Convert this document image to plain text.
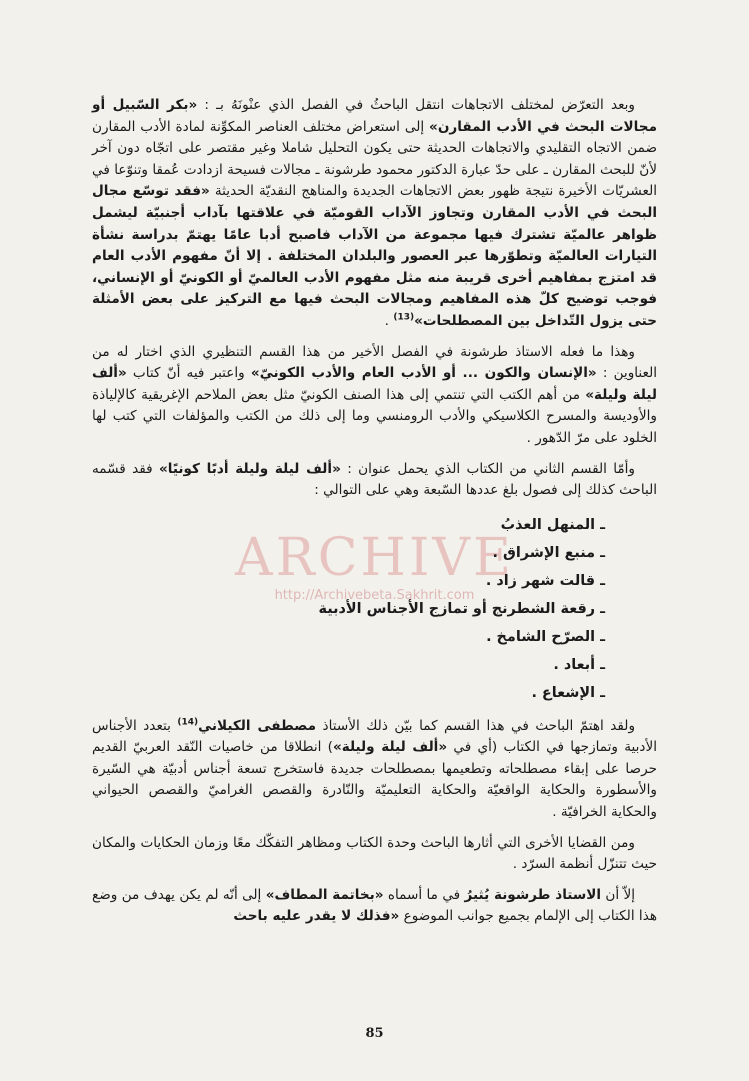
ARCHIVE
http://Archivebeta.Sakhrit.com

وبعد التعرّض لمختلف الاتجاهات انتقل الباحثُ في الفصل الذي عنْونَهُ بـ : «بكر السّبيل أو مجالات البحث في الأدب المقارن» إلى استعراض مختلف العناصر المكوِّنة لمادة الأدب المقارن ضمن الاتجاه التقليدي والاتجاهات الحديثة حتى يكون التحليل شاملا وغير مقتصر على اتجّاه دون آخر لأنّ للبحث المقارن ـ على حدّ عبارة الدكتور محمود طرشونة ـ مجالات فسيحة ازدادت عُمقا وتنوّعا في العشريّات الأخيرة نتيجة ظهور بعض الاتجاهات الجديدة والمناهج النقديّة الحديثة «فقد توسّع مجال البحث في الأدب المقارن وتجاوز الآداب القوميّة في علاقتها بآداب أجنبيّة ليشمل ظواهر عالميّة تشترك فيها مجموعة من الآداب فاصبح أدبا عامًا يهتمّ بدراسة نشأة التيارات العالميّة وتطوّرها عبر العصور والبلدان المختلفة . إلا أنّ مفهوم الأدب العام قد امتزج بمفاهيم أخرى قريبة منه مثل مفهوم الأدب العالميّ أو الكونيّ أو الإنساني، فوجب توضيح كلّ هذه المفاهيم ومجالات البحث فيها مع التركيز على بعض الأمثلة حتى يزول التّداخل بين المصطلحات»$^{(13)}$ .

وهذا ما فعله الاستاذ طرشونة في الفصل الأخير من هذا القسم التنظيري الذي اختار له من العناوين : «الإنسان والكون ... أو الأدب العام والأدب الكونيّ» واعتبر فيه أنّ كتاب «ألف ليلة وليلة» من أهم الكتب التي تنتمي إلى هذا الصنف الكونيّ مثل بعض الملاحم الإغريقية كالإلياذة والأوديسة والمسرح الكلاسيكي والأدب الرومنسي وما إلى ذلك من الكتب والمؤلفات التي كتب لها الخلود على مرّ الدّهور .

وأمّا القسم الثاني من الكتاب الذي يحمل عنوان : «ألف ليلة وليلة أدبًا كونيًا» فقد قسّمه الباحث كذلك إلى فصول بلغ عددها السّبعة وهي على التوالي :

ـ المنهل العذبُ
ـ منبع الإشراق .
ـ قالت شهر زاد .
ـ رقعة الشطرنج أو تمازج الأجناس الأدبية
ـ الصرّح الشامخ .
ـ أبعاد .
ـ الإشعاع .

ولقد اهتمّ الباحث في هذا القسم كما بيّن ذلك الأستاذ مصطفى الكيلاني$^{(14)}$ بتعدد الأجناس الأدبية وتمازجها في الكتاب (أي في «ألف ليلة وليلة») انطلاقا من خاصيات النّقد العربيّ القديم حرصا على إبقاء مصطلحاته وتطعيمها بمصطلحات جديدة فاستخرج تسعة أجناس أدبيّة هي السّيرة والأسطورة والحكاية الواقعيّة والحكاية التعليميّة والنّادرة والقصص الغراميّ والقصص الحيواني والحكاية الخرافيّة .

ومن القضايا الأخرى التي أثارها الباحث وحدة الكتاب ومظاهر التفكّك معًا وزمان الحكايات والمكان حيث تتنزّل أنظمة السرّد .

إلاّ أن الاستاذ طرشونة يُثيرُ في ما أسماه «بخاتمة المطاف» إلى أنّه لم يكن يهدف من وضع هذا الكتاب إلى الإلمام بجميع جوانب الموضوع «فذلك لا يقدر عليه باحث

85
